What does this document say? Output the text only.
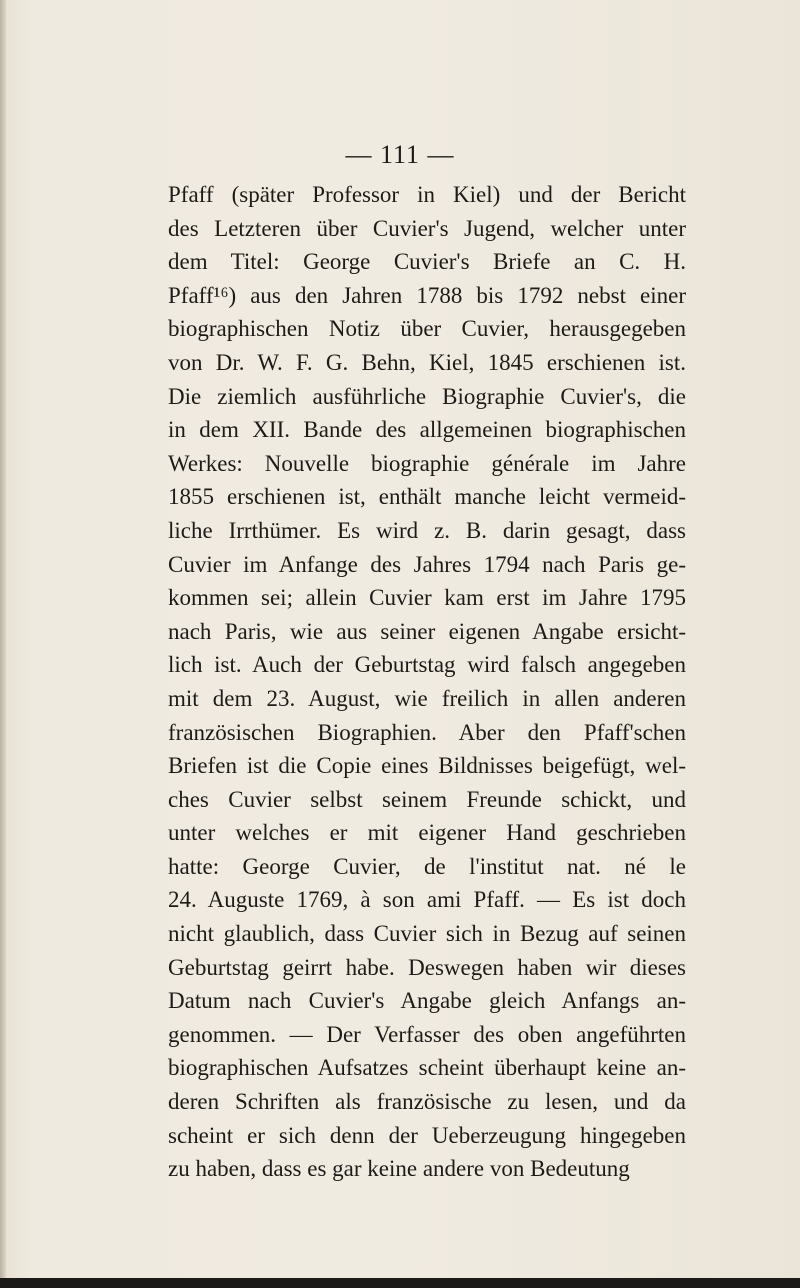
— 111 —

Pfaff (später Professor in Kiel) und der Bericht
des Letzteren über Cuvier's Jugend, welcher unter
dem Titel: George Cuvier's Briefe an C. H.
Pfaff¹⁶) aus den Jahren 1788 bis 1792 nebst einer
biographischen Notiz über Cuvier, herausgegeben
von Dr. W. F. G. Behn, Kiel, 1845 erschienen ist.
Die ziemlich ausführliche Biographie Cuvier's, die
in dem XII. Bande des allgemeinen biographischen
Werkes: Nouvelle biographie générale im Jahre
1855 erschienen ist, enthält manche leicht vermeid-
liche Irrthümer. Es wird z. B. darin gesagt, dass
Cuvier im Anfange des Jahres 1794 nach Paris ge-
kommen sei; allein Cuvier kam erst im Jahre 1795
nach Paris, wie aus seiner eigenen Angabe ersicht-
lich ist. Auch der Geburtstag wird falsch angegeben
mit dem 23. August, wie freilich in allen anderen
französischen Biographien. Aber den Pfaff'schen
Briefen ist die Copie eines Bildnisses beigefügt, wel-
ches Cuvier selbst seinem Freunde schickt, und
unter welches er mit eigener Hand geschrieben
hatte: George Cuvier, de l'institut nat. né le
24. Auguste 1769, à son ami Pfaff. — Es ist doch
nicht glaublich, dass Cuvier sich in Bezug auf seinen
Geburtstag geirrt habe. Deswegen haben wir dieses
Datum nach Cuvier's Angabe gleich Anfangs an-
genommen. — Der Verfasser des oben angeführten
biographischen Aufsatzes scheint überhaupt keine an-
deren Schriften als französische zu lesen, und da
scheint er sich denn der Ueberzeugung hingegeben
zu haben, dass es gar keine andere von Bedeutung
